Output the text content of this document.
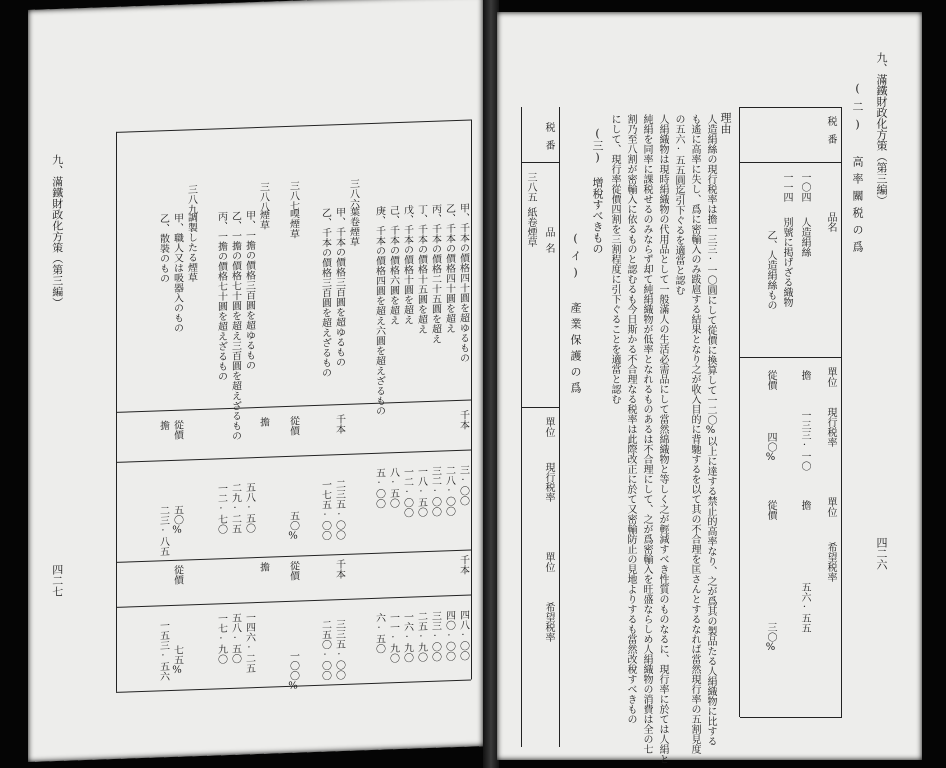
九、滿鐵財政化方策（第三編）
四二六
(二) 高率關税の爲
税番
品名
單位
現行税率
單位
希望税率
一〇四
人造絹絲
擔
一三三·一〇
擔
五六·五五
一一四
別號に掲げざる織物
乙、人造絹絲もの
從價
四〇%
從價
三〇%
理由
人造絹絲の現行税率は擔一三三·一〇圓にして從價に換算して一二〇%以上に達する禁止的高率なり、之が爲其の製品たる人絹織物に比する
も遙に高率に失し、爲に密輸入のみ跋扈する結果となり之が收入目的に背馳するを以て其の不合理を匡さんとするなれば當然現行率の五割見度
の五六·五五圓迄引下ぐるを適當と認む
人絹織物は現時絹織物の代用品として一般滿人の生活必需品にして當然綿織物と等しく之が輕減すべき性質のものなるに、現行率に於ては人絹と
純絹を同率に課税せるのみならず却て純絹織物が低率となれるものあるは不合理にして、之が爲密輸入を旺盛ならしめ人絹織物の消費は全の七
割乃至八割が密輸入に依るものと認むるも今日斯かる不合理なる税率は此際改正に於て又密輸防止の見地よりするも當然改稅すべきもの
にして、現行率從價四割を三割程度に引下ぐることを適當と認む
(三) 增稅すべきもの
(イ) 產業保護の爲
税番
品名
單位
現行税率
單位
希望税率
三八五
紙卷煙草
九、滿鐵財政化方策（第三編）
四二七
甲、千本の價格四十圓を超ゆるもの
乙、千本の價格四十圓を超え
丙、千本の價格二十五圓を超え
丁、千本の價格十五圓を超え
戊、千本の價格十圓を超え
己、千本の價格六圓を超え
庚、千本の價格四圓を超え六圓を超えざるもの
千本
三·〇〇
二八·〇〇
三二·〇〇
一八·五〇
一二·〇〇
八·五〇
五·〇〇
千本
四八·〇〇
四〇·〇〇
三三·〇〇
二五·九〇
一六·九〇
一一·九〇
六·五〇
三八六
葉卷煙草
甲、千本の價格三百圓を超ゆるもの
乙、千本の價格三百圓を超えざるもの
千本
二三五·〇〇
一七五·〇〇
千本
三三五·〇〇
二五〇·〇〇
三八七
嗅煙草
從價
五〇%
從價
一〇〇%
三八八
煙草
甲、一擔の價格三百圓を超ゆるもの
乙、一擔の價格七十圓を超え三百圓を超えざるもの
丙、一擔の價格七十圓を超えざるもの
擔
五八·五〇
二九·二五
一二·七〇
擔
一四六·二五
五八·五〇
一七·九〇
三八九
調製したる煙草
甲、職人又は吸器入のもの
乙、散裝のもの
從價
擔
五〇%
二三·八五
從價
七五%
一五三·五六
